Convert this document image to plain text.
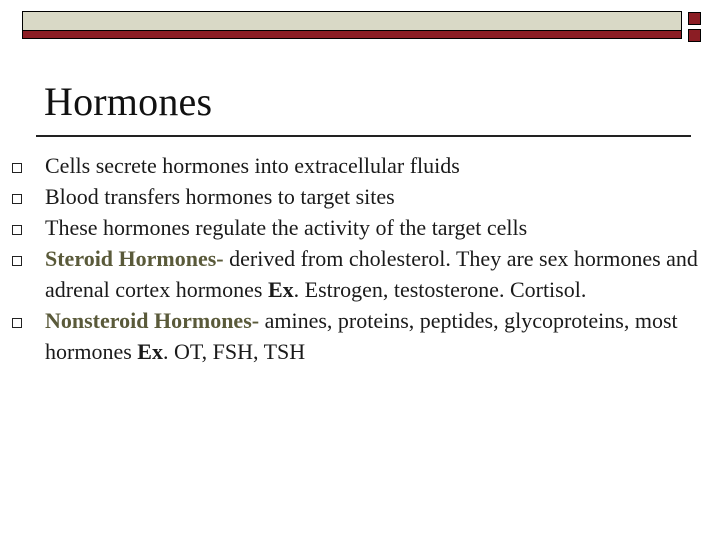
Hormones
Cells secrete hormones into extracellular fluids
Blood transfers hormones to target sites
These hormones regulate the activity of the target cells
Steroid Hormones- derived from cholesterol. They are sex hormones and adrenal cortex hormones Ex. Estrogen, testosterone. Cortisol.
Nonsteroid Hormones- amines, proteins, peptides, glycoproteins, most hormones Ex. OT, FSH, TSH
